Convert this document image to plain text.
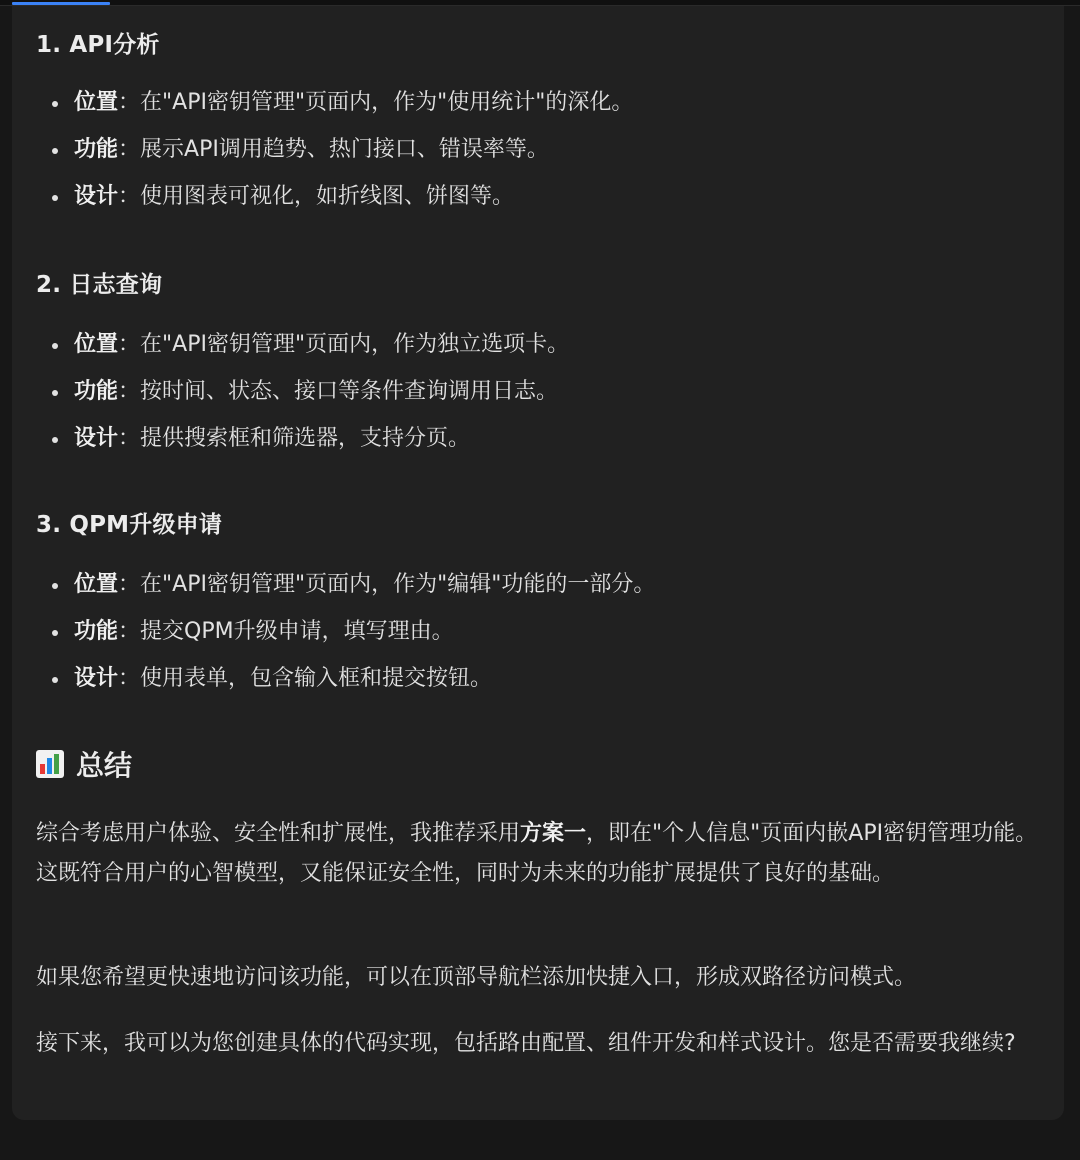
1. API分析
位置：在"API密钥管理"页面内，作为"使用统计"的深化。
功能：展示API调用趋势、热门接口、错误率等。
设计：使用图表可视化，如折线图、饼图等。
2. 日志查询
位置：在"API密钥管理"页面内，作为独立选项卡。
功能：按时间、状态、接口等条件查询调用日志。
设计：提供搜索框和筛选器，支持分页。
3. QPM升级申请
位置：在"API密钥管理"页面内，作为"编辑"功能的一部分。
功能：提交QPM升级申请，填写理由。
设计：使用表单，包含输入框和提交按钮。
总结

综合考虑用户体验、安全性和扩展性，我推荐采用方案一，即在"个人信息"页面内嵌API密钥管理功能。这既符合用户的心智模型，又能保证安全性，同时为未来的功能扩展提供了良好的基础。

如果您希望更快速地访问该功能，可以在顶部导航栏添加快捷入口，形成双路径访问模式。

接下来，我可以为您创建具体的代码实现，包括路由配置、组件开发和样式设计。您是否需要我继续?
